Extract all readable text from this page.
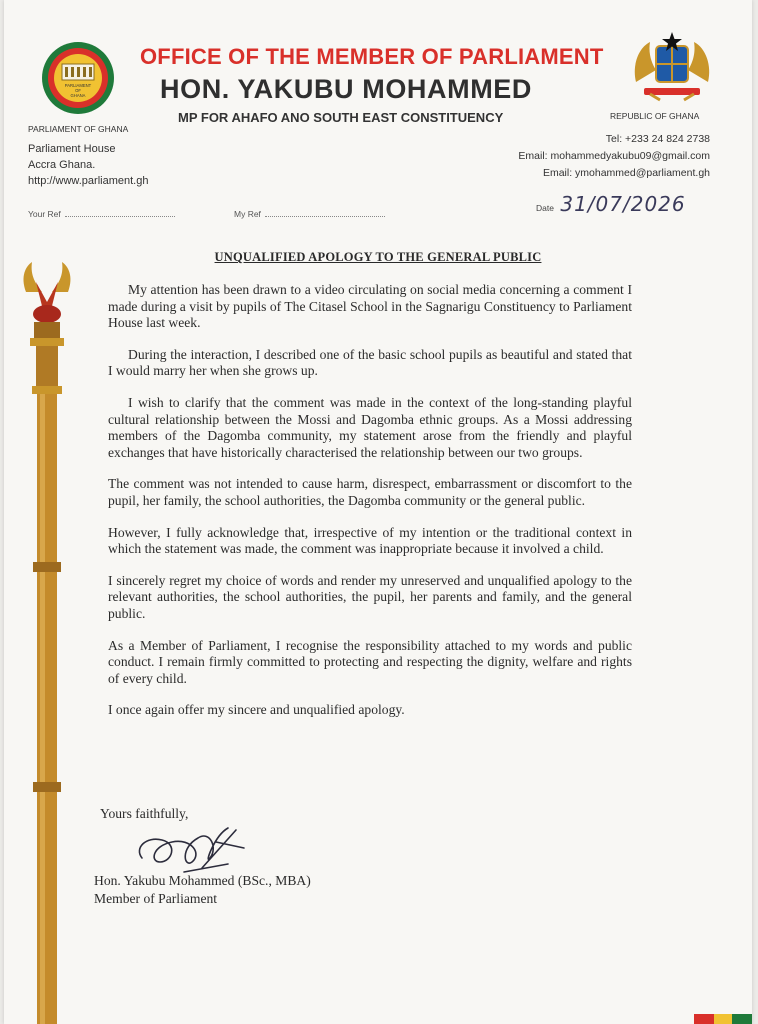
PARLIAMENT
OF
GHANA
OFFICE OF THE MEMBER OF PARLIAMENT
HON. YAKUBU MOHAMMED
PARLIAMENT OF GHANA
MP FOR AHAFO ANO SOUTH EAST CONSTITUENCY	REPUBLIC OF GHANA
Parliament House
Accra Ghana.
http://www.parliament.gh
Tel: +233 24 824 2738
Email: mohammedyakubu09@gmail.com
Email: ymohammed@parliament.gh
Your Ref	My Ref
Date 31/07/2026
UNQUALIFIED APOLOGY TO THE GENERAL PUBLIC

My attention has been drawn to a video circulating on social media concerning a comment I made during a visit by pupils of The Citasel School in the Sagnarigu Constituency to Parliament House last week.

During the interaction, I described one of the basic school pupils as beautiful and stated that I would marry her when she grows up.

I wish to clarify that the comment was made in the context of the long-standing playful cultural relationship between the Mossi and Dagomba ethnic groups. As a Mossi addressing members of the Dagomba community, my statement arose from the friendly and playful exchanges that have historically characterised the relationship between our two groups.

The comment was not intended to cause harm, disrespect, embarrassment or discomfort to the pupil, her family, the school authorities, the Dagomba community or the general public.

However, I fully acknowledge that, irrespective of my intention or the traditional context in which the statement was made, the comment was inappropriate because it involved a child.

I sincerely regret my choice of words and render my unreserved and unqualified apology to the relevant authorities, the school authorities, the pupil, her parents and family, and the general public.

As a Member of Parliament, I recognise the responsibility attached to my words and public conduct. I remain firmly committed to protecting and respecting the dignity, welfare and rights of every child.

I once again offer my sincere and unqualified apology.

Yours faithfully,
Hon. Yakubu Mohammed (BSc., MBA)
Member of Parliament
